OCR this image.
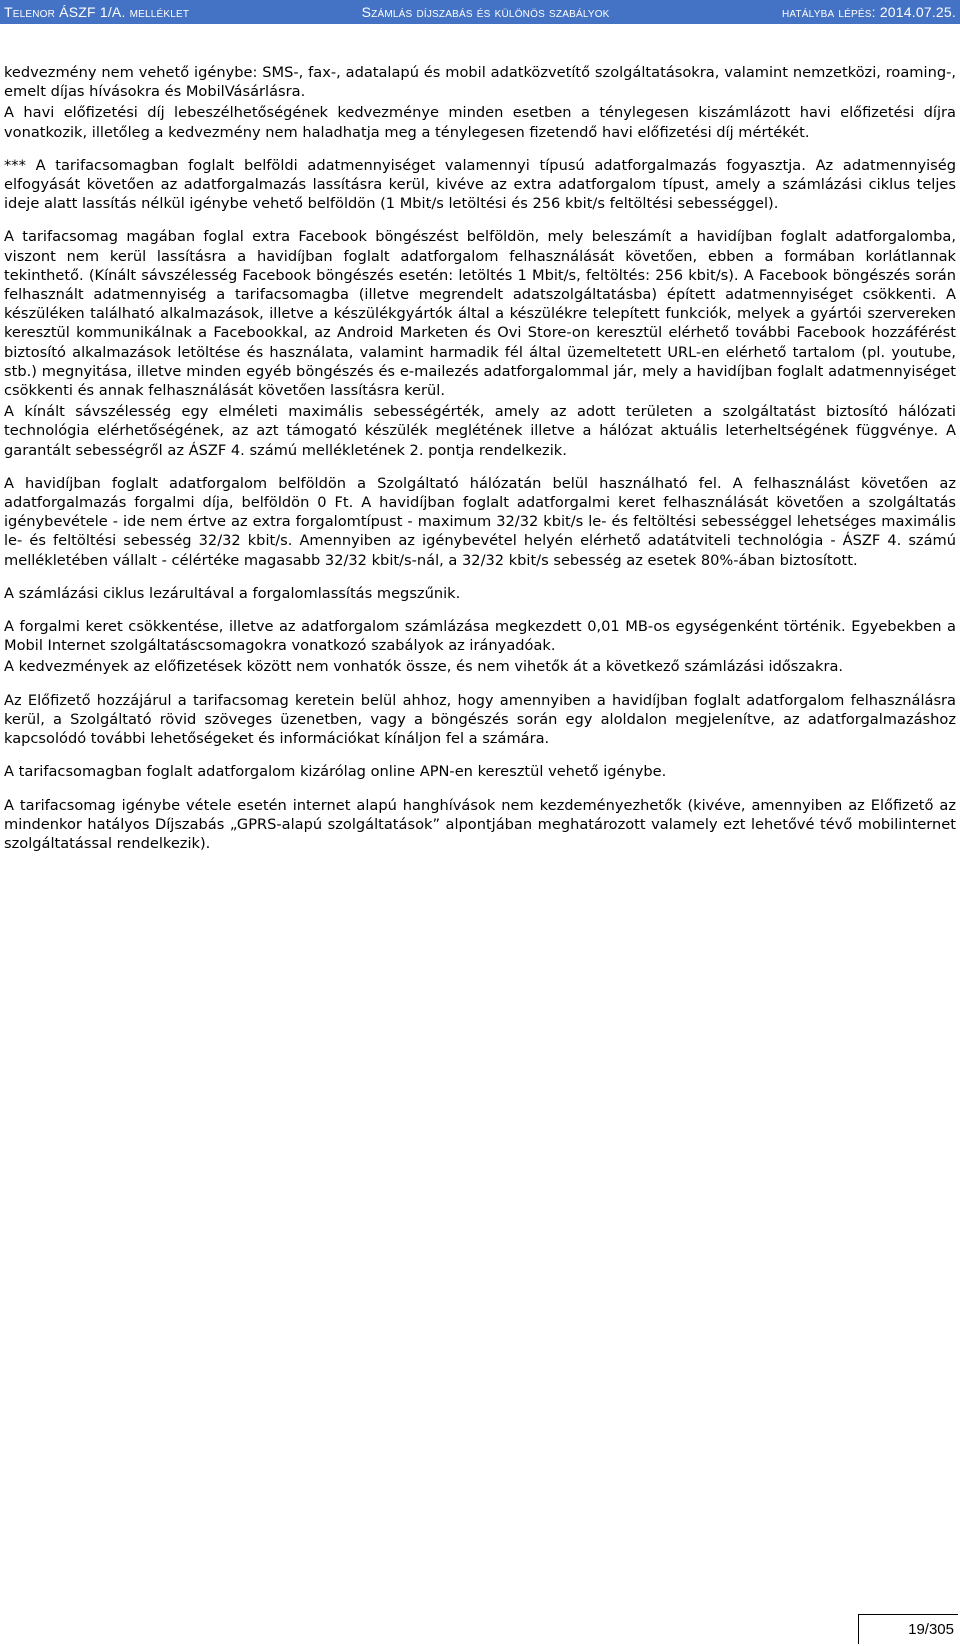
Telenor ÁSZF 1/A. melléklet	Számlás díjszabás és különös szabályok	hatályba lépés: 2014.07.25.

kedvezmény nem vehető igénybe: SMS-, fax-, adatalapú és mobil adatközvetítő szolgáltatásokra, valamint nemzetközi, roaming-, emelt díjas hívásokra és MobilVásárlásra.

A havi előfizetési díj lebeszélhetőségének kedvezménye minden esetben a ténylegesen kiszámlázott havi előfizetési díjra vonatkozik, illetőleg a kedvezmény nem haladhatja meg a ténylegesen fizetendő havi előfizetési díj mértékét.

*** A tarifacsomagban foglalt belföldi adatmennyiséget valamennyi típusú adatforgalmazás fogyasztja. Az adatmennyiség elfogyását követően az adatforgalmazás lassításra kerül, kivéve az extra adatforgalom típust, amely a számlázási ciklus teljes ideje alatt lassítás nélkül igénybe vehető belföldön (1 Mbit/s letöltési és 256 kbit/s feltöltési sebességgel).

A tarifacsomag magában foglal extra Facebook böngészést belföldön, mely beleszámít a havidíjban foglalt adatforgalomba, viszont nem kerül lassításra a havidíjban foglalt adatforgalom felhasználását követően, ebben a formában korlátlannak tekinthető. (Kínált sávszélesség Facebook böngészés esetén: letöltés 1 Mbit/s, feltöltés: 256 kbit/s). A Facebook böngészés során felhasznált adatmennyiség a tarifacsomagba (illetve megrendelt adatszolgáltatásba) épített adatmennyiséget csökkenti. A készüléken található alkalmazások, illetve a készülékgyártók által a készülékre telepített funkciók, melyek a gyártói szervereken keresztül kommunikálnak a Facebookkal, az Android Marketen és Ovi Store-on keresztül elérhető további Facebook hozzáférést biztosító alkalmazások letöltése és használata, valamint harmadik fél által üzemeltetett URL-en elérhető tartalom (pl. youtube, stb.) megnyitása, illetve minden egyéb böngészés és e-mailezés adatforgalommal jár, mely a havidíjban foglalt adatmennyiséget csökkenti és annak felhasználását követően lassításra kerül.

A kínált sávszélesség egy elméleti maximális sebességérték, amely az adott területen a szolgáltatást biztosító hálózati technológia elérhetőségének, az azt támogató készülék meglétének illetve a hálózat aktuális leterheltségének függvénye. A garantált sebességről az ÁSZF 4. számú mellékletének 2. pontja rendelkezik.

A havidíjban foglalt adatforgalom belföldön a Szolgáltató hálózatán belül használható fel. A felhasználást követően az adatforgalmazás forgalmi díja, belföldön 0 Ft. A havidíjban foglalt adatforgalmi keret felhasználását követően a szolgáltatás igénybevétele - ide nem értve az extra forgalomtípust - maximum 32/32 kbit/s le- és feltöltési sebességgel lehetséges maximális le- és feltöltési sebesség 32/32 kbit/s. Amennyiben az igénybevétel helyén elérhető adatátviteli technológia - ÁSZF 4. számú mellékletében vállalt - célértéke magasabb 32/32 kbit/s-nál, a 32/32 kbit/s sebesség az esetek 80%-ában biztosított.

A számlázási ciklus lezárultával a forgalomlassítás megszűnik.

A forgalmi keret csökkentése, illetve az adatforgalom számlázása megkezdett 0,01 MB-os egységenként történik. Egyebekben a Mobil Internet szolgáltatáscsomagokra vonatkozó szabályok az irányadóak.

A kedvezmények az előfizetések között nem vonhatók össze, és nem vihetők át a következő számlázási időszakra.

Az Előfizető hozzájárul a tarifacsomag keretein belül ahhoz, hogy amennyiben a havidíjban foglalt adatforgalom felhasználásra kerül, a Szolgáltató rövid szöveges üzenetben, vagy a böngészés során egy aloldalon megjelenítve, az adatforgalmazáshoz kapcsolódó további lehetőségeket és információkat kínáljon fel a számára.

A tarifacsomagban foglalt adatforgalom kizárólag online APN-en keresztül vehető igénybe.

A tarifacsomag igénybe vétele esetén internet alapú hanghívások nem kezdeményezhetők (kivéve, amennyiben az Előfizető az mindenkor hatályos Díjszabás „GPRS-alapú szolgáltatások” alpontjában meghatározott valamely ezt lehetővé tévő mobilinternet szolgáltatással rendelkezik).

19/305
